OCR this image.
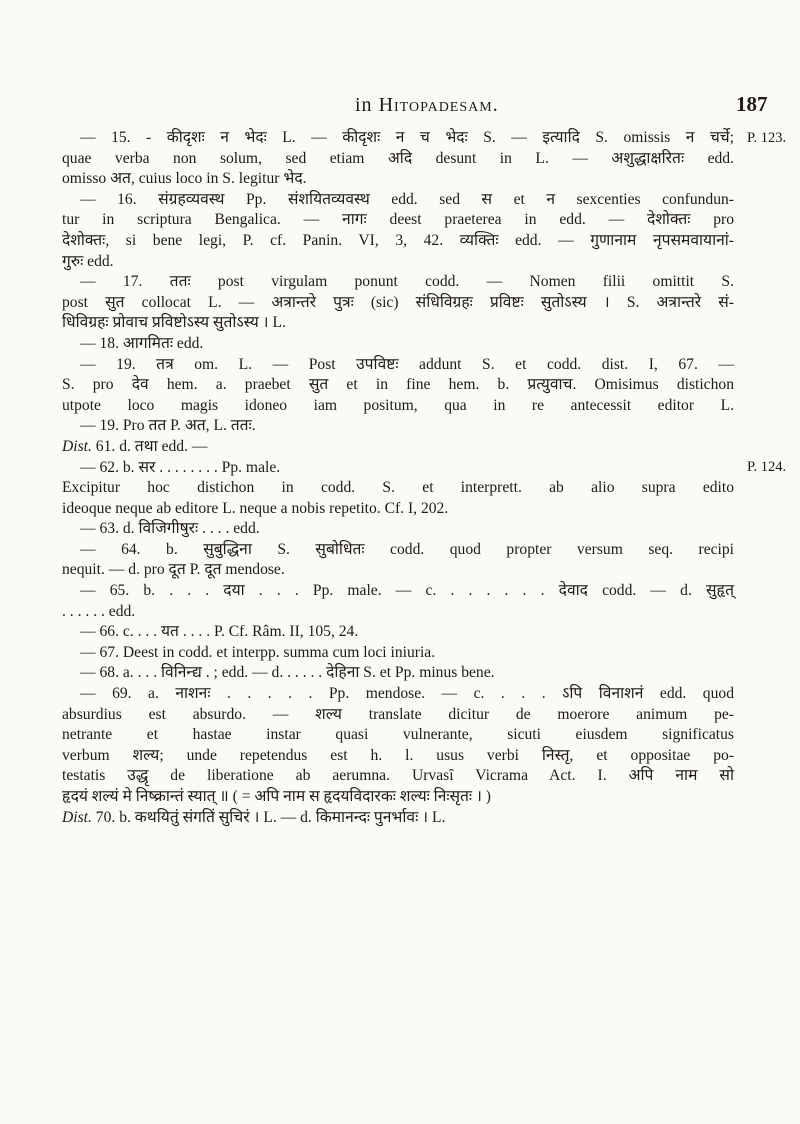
in Hitopadesam.	187
P. 123.
P. 124.
— 15. - कीदृशः न भेदः L. — कीदृशः न च भेदः S. — इत्यादि S. omissis न चर्चे;
quae verba non solum, sed etiam अदि desunt in L. — अशुद्धाक्षरितः edd.
omisso अत, cuius loco in S. legitur भेद.
— 16. संग्रहव्यवस्थ Pp. संशयितव्यवस्थ edd. sed स et न sexcenties confundun-
tur in scriptura Bengalica. — नागः deest praeterea in edd. — देशोक्तः pro
देशोक्तः, si bene legi, P. cf. Panin. VI, 3, 42. व्यक्तिः edd. — गुणानाम नृपसमवायानां-
गुरुः edd.
— 17. ततः post virgulam ponunt codd. — Nomen filii omittit S.
post सुत collocat L. — अत्रान्तरे पुत्रः (sic) संधिविग्रहः प्रविष्टः सुतोऽस्य । S. अत्रान्तरे सं-
धिविग्रहः प्रोवाच प्रविष्टोऽस्य सुतोऽस्य । L.
— 18. आगमितः edd.
— 19. तत्र om. L. — Post उपविष्टः addunt S. et codd. dist. I, 67. —
S. pro देव hem. a. praebet सुत et in fine hem. b. प्रत्युवाच. Omisimus distichon
utpote loco magis idoneo iam positum, qua in re antecessit editor L.
— 19. Pro तत P. अत, L. ततः.
Dist. 61. d. तथा edd. —
— 62. b. सर . . . . . . . . Pp. male.
Excipitur hoc distichon in codd. S. et interprett. ab alio supra edito
ideoque neque ab editore L. neque a nobis repetito. Cf. I, 202.
— 63. d. विजिगीषुरः . . . . edd.
— 64. b. सुबुद्धिना S. सुबोधितः codd. quod propter versum seq. recipi
nequit. — d. pro दूत P. दूत mendose.
— 65. b. . . . दया . . . Pp. male. — c. . . . . . . देवाद codd. — d. सुहृत्
. . . . . . edd.
— 66. c. . . . यत . . . . P. Cf. Râm. II, 105, 24.
— 67. Deest in codd. et interpp. summa cum loci iniuria.
— 68. a. . . . विनिन्द्य . ; edd. — d. . . . . . देहिना S. et Pp. minus bene.
— 69. a. नाशनः . . . . . Pp. mendose. — c. . . . ऽपि विनाशनं edd. quod
absurdius est absurdo. — शल्य translate dicitur de moerore animum pe-
netrante et hastae instar quasi vulnerante, sicuti eiusdem significatus
verbum शल्य; unde repetendus est h. l. usus verbi निस्तृ, et oppositae po-
testatis उद्धृ de liberatione ab aerumna. Urvasî Vicrama Act. I. अपि नाम सो
हृदयं शल्यं मे निष्क्रान्तं स्यात् ॥ ( = अपि नाम स हृदयविदारकः शल्यः निःसृतः । )
Dist. 70. b. कथयितुं संगतिं सुचिरं । L. — d. किमानन्दः पुनर्भावः । L.
